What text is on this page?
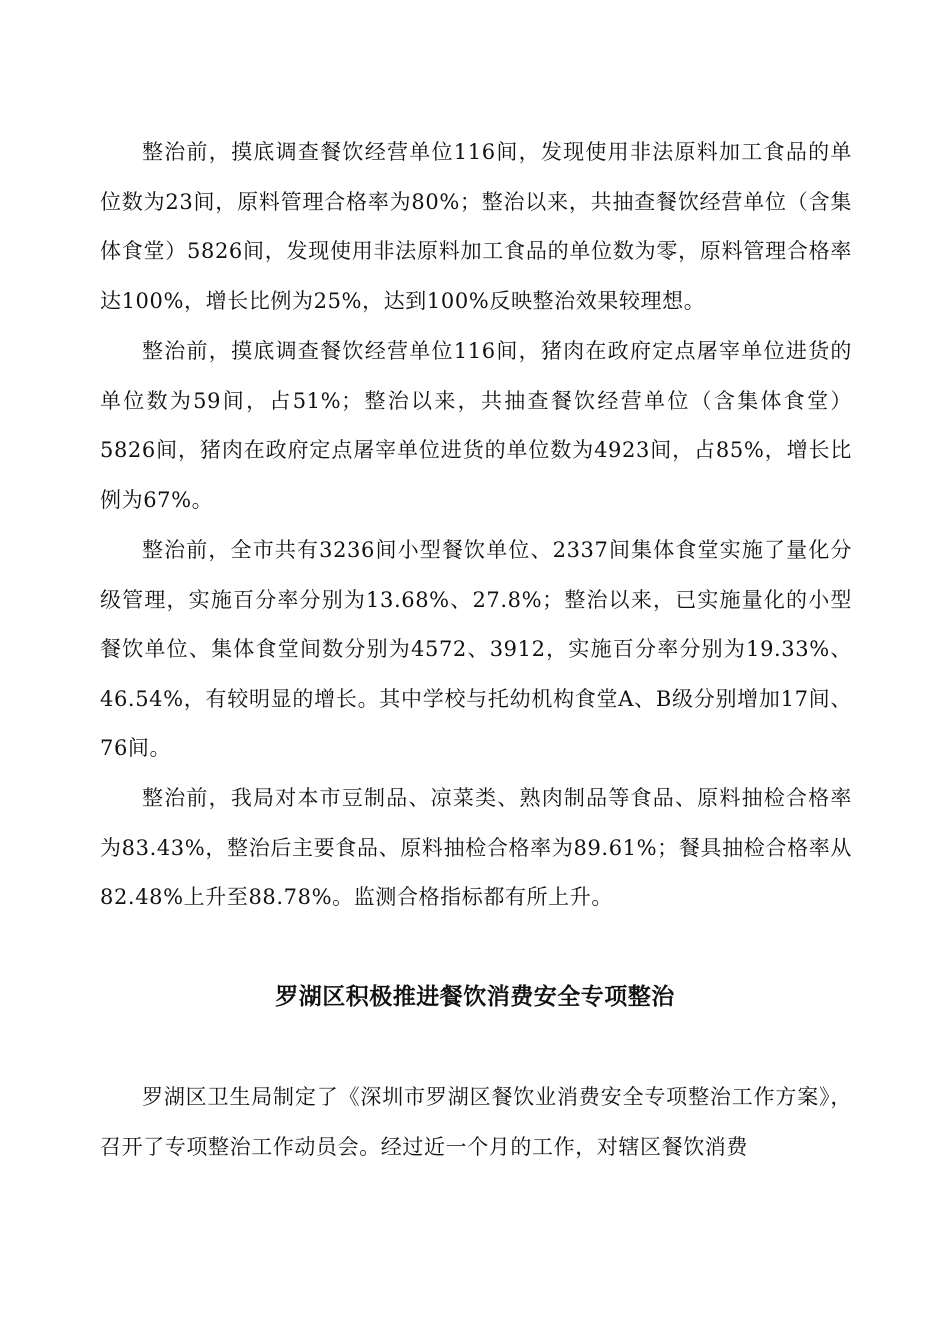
整治前，摸底调查餐饮经营单位116间，发现使用非法原料加工食品的单位数为23间，原料管理合格率为80%；整治以来，共抽查餐饮经营单位（含集体食堂）5826间，发现使用非法原料加工食品的单位数为零，原料管理合格率达100%，增长比例为25%，达到100%反映整治效果较理想。

整治前，摸底调查餐饮经营单位116间，猪肉在政府定点屠宰单位进货的单位数为59间，占51%；整治以来，共抽查餐饮经营单位（含集体食堂）5826间，猪肉在政府定点屠宰单位进货的单位数为4923间，占85%，增长比例为67%。

整治前，全市共有3236间小型餐饮单位、2337间集体食堂实施了量化分级管理，实施百分率分别为13.68%、27.8%；整治以来，已实施量化的小型餐饮单位、集体食堂间数分别为4572、3912，实施百分率分别为19.33%、46.54%，有较明显的增长。其中学校与托幼机构食堂A、B级分别增加17间、76间。

整治前，我局对本市豆制品、凉菜类、熟肉制品等食品、原料抽检合格率为83.43%，整治后主要食品、原料抽检合格率为89.61%；餐具抽检合格率从82.48%上升至88.78%。监测合格指标都有所上升。

罗湖区积极推进餐饮消费安全专项整治

罗湖区卫生局制定了《深圳市罗湖区餐饮业消费安全专项整治工作方案》，召开了专项整治工作动员会。经过近一个月的工作，对辖区餐饮消费
